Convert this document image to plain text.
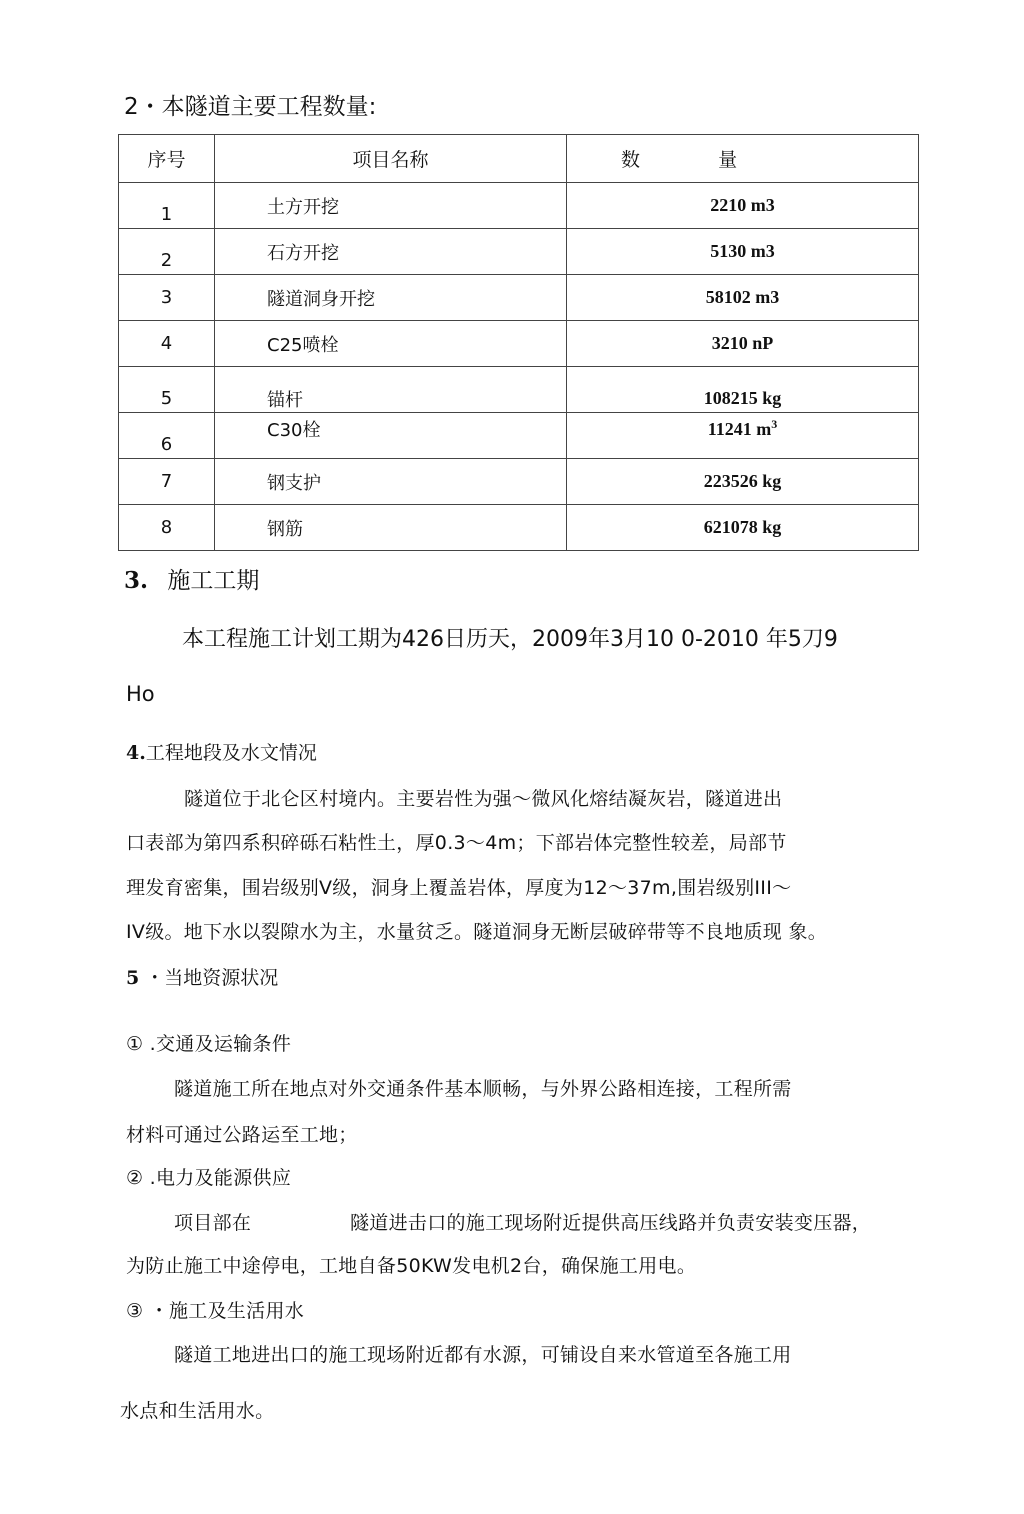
2・本隧道主要工程数量:
序号	项目名称	数 量
1	土方开挖	2210 m3
2	石方开挖	5130 m3
3	隧道洞身开挖	58102 m3
4	C25喷栓	3210 nP
5	锚杆	108215 kg
6	C30栓	11241 $m^3$
7	钢支护	223526 kg
8	钢筋	621078 kg
3. 施工工期
本工程施工计划工期为426日历天，2009年3月10 0-2010 年5刀9
Ho
4.工程地段及水文情况
隧道位于北仑区村境内。主要岩性为强～微风化熔结凝灰岩，隧道进出
口表部为第四系积碎砾石粘性土，厚0.3～4m；下部岩体完整性较差，局部节
理发育密集，围岩级别V级，洞身上覆盖岩体，厚度为12～37m,围岩级别III～
IV级。地下水以裂隙水为主，水量贫乏。隧道洞身无断层破碎带等不良地质现 象。
5 ・当地资源状况
① .交通及运输条件
隧道施工所在地点对外交通条件基本顺畅，与外界公路相连接，工程所需
材料可通过公路运至工地；
② .电力及能源供应
项目部在	隧道进击口的施工现场附近提供高压线路并负责安装变压器，
为防止施工中途停电，工地自备50KW发电机2台，确保施工用电。
③ ・施工及生活用水
隧道工地进出口的施工现场附近都有水源，可铺设自来水管道至各施工用
水点和生活用水。
